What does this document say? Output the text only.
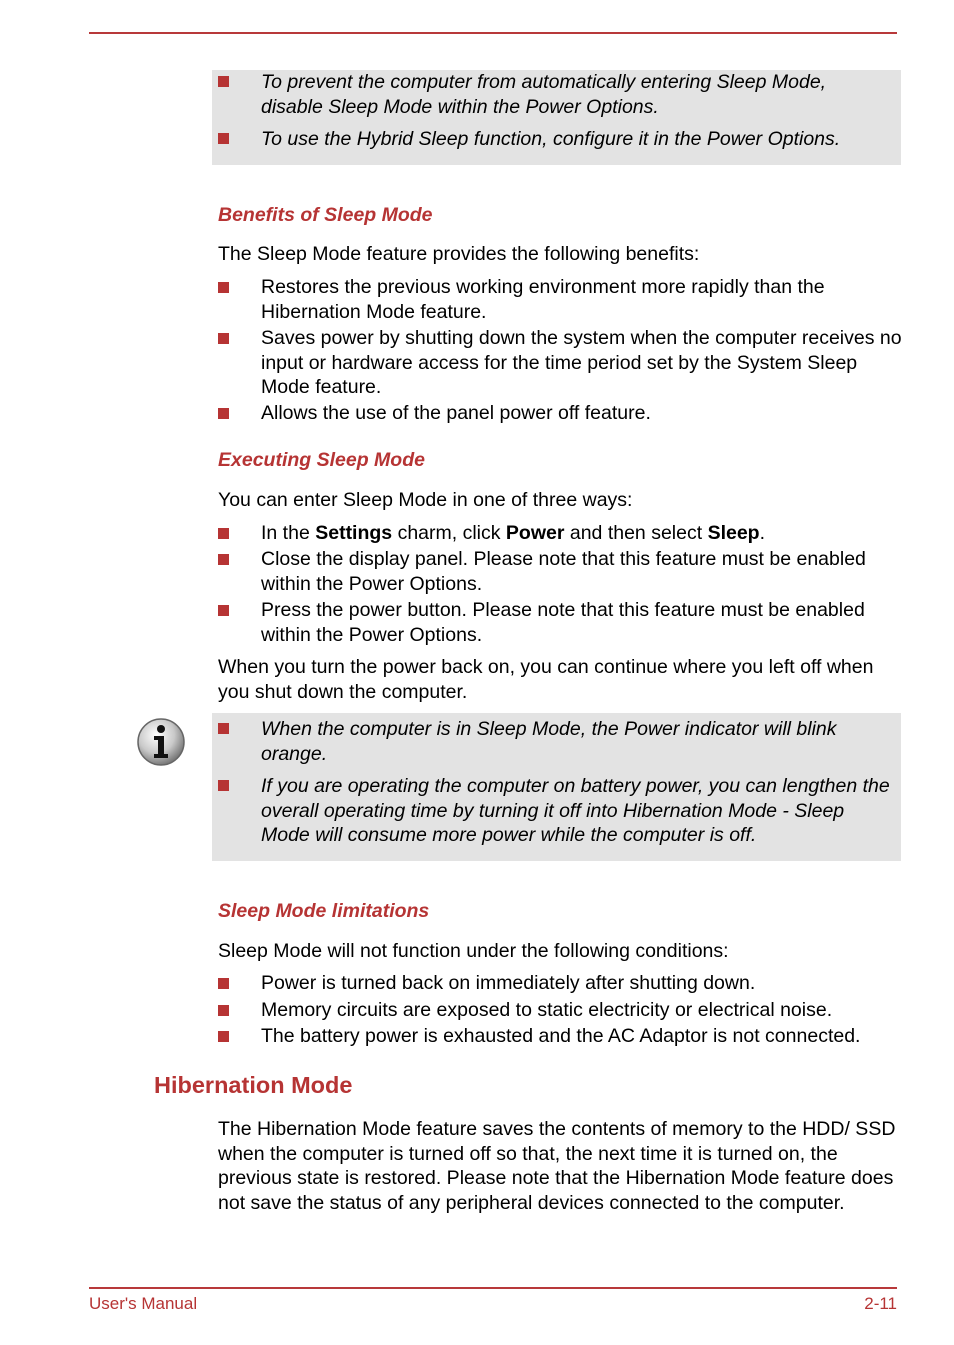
To prevent the computer from automatically entering Sleep Mode, disable Sleep Mode within the Power Options.
To use the Hybrid Sleep function, configure it in the Power Options.
Benefits of Sleep Mode
The Sleep Mode feature provides the following benefits:
Restores the previous working environment more rapidly than the Hibernation Mode feature.
Saves power by shutting down the system when the computer receives no input or hardware access for the time period set by the System Sleep Mode feature.
Allows the use of the panel power off feature.
Executing Sleep Mode
You can enter Sleep Mode in one of three ways:
In the Settings charm, click Power and then select Sleep.
Close the display panel. Please note that this feature must be enabled within the Power Options.
Press the power button. Please note that this feature must be enabled within the Power Options.
When you turn the power back on, you can continue where you left off when you shut down the computer.
When the computer is in Sleep Mode, the Power indicator will blink orange.
If you are operating the computer on battery power, you can lengthen the overall operating time by turning it off into Hibernation Mode - Sleep Mode will consume more power while the computer is off.
Sleep Mode limitations
Sleep Mode will not function under the following conditions:
Power is turned back on immediately after shutting down.
Memory circuits are exposed to static electricity or electrical noise.
The battery power is exhausted and the AC Adaptor is not connected.
Hibernation Mode
The Hibernation Mode feature saves the contents of memory to the HDD/ SSD when the computer is turned off so that, the next time it is turned on, the previous state is restored. Please note that the Hibernation Mode feature does not save the status of any peripheral devices connected to the computer.
User's Manual	2-11
